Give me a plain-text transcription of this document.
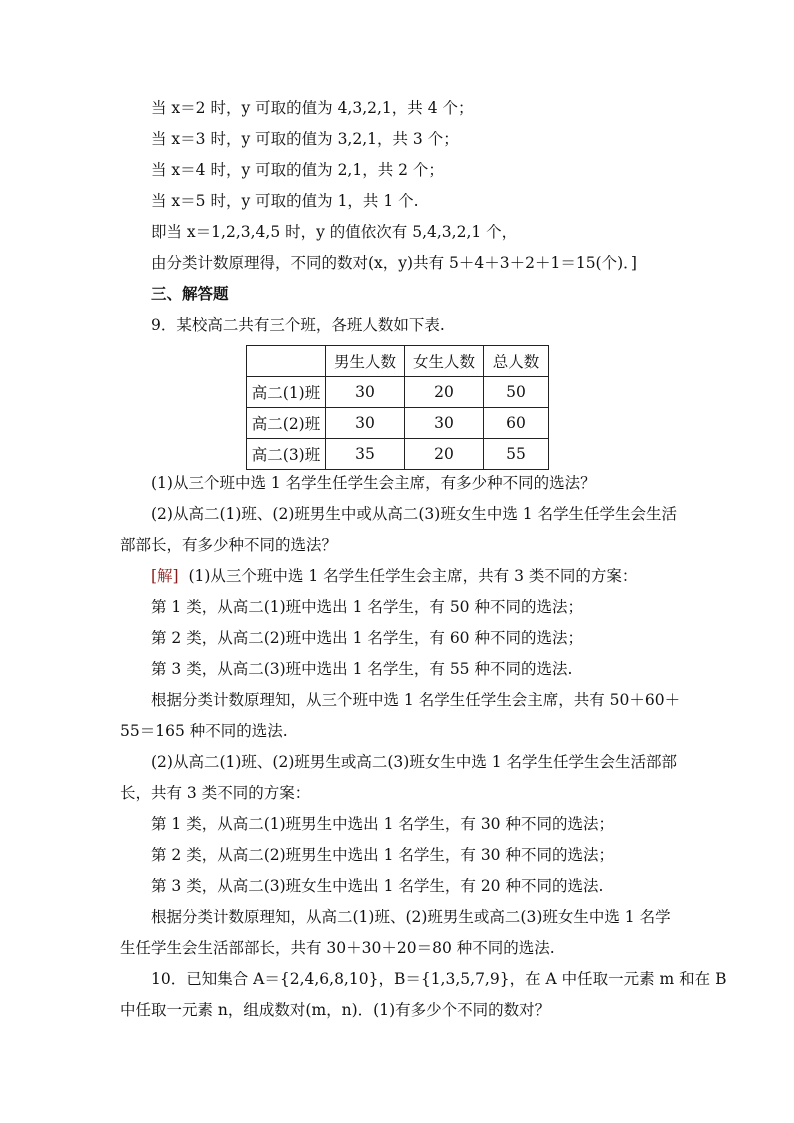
当 x＝2 时，y 可取的值为 4,3,2,1，共 4 个；
当 x＝3 时，y 可取的值为 3,2,1，共 3 个；
当 x＝4 时，y 可取的值为 2,1，共 2 个；
当 x＝5 时，y 可取的值为 1，共 1 个.
即当 x＝1,2,3,4,5 时，y 的值依次有 5,4,3,2,1 个，
由分类计数原理得，不同的数对(x，y)共有 5＋4＋3＋2＋1＝15(个)．]
三、解答题
9．某校高二共有三个班，各班人数如下表.
	男生人数	女生人数	总人数
高二(1)班	30	20	50
高二(2)班	30	30	60
高二(3)班	35	20	55
(1)从三个班中选 1 名学生任学生会主席，有多少种不同的选法？
(2)从高二(1)班、(2)班男生中或从高二(3)班女生中选 1 名学生任学生会生活
部部长，有多少种不同的选法？
[解] (1)从三个班中选 1 名学生任学生会主席，共有 3 类不同的方案：
第 1 类，从高二(1)班中选出 1 名学生，有 50 种不同的选法；
第 2 类，从高二(2)班中选出 1 名学生，有 60 种不同的选法；
第 3 类，从高二(3)班中选出 1 名学生，有 55 种不同的选法.
根据分类计数原理知，从三个班中选 1 名学生任学生会主席，共有 50＋60＋
55＝165 种不同的选法.
(2)从高二(1)班、(2)班男生或高二(3)班女生中选 1 名学生任学生会生活部部
长，共有 3 类不同的方案：
第 1 类，从高二(1)班男生中选出 1 名学生，有 30 种不同的选法；
第 2 类，从高二(2)班男生中选出 1 名学生，有 30 种不同的选法；
第 3 类，从高二(3)班女生中选出 1 名学生，有 20 种不同的选法.
根据分类计数原理知，从高二(1)班、(2)班男生或高二(3)班女生中选 1 名学
生任学生会生活部部长，共有 30＋30＋20＝80 种不同的选法.
10．已知集合 A＝{2,4,6,8,10}，B＝{1,3,5,7,9}，在 A 中任取一元素 m 和在 B
中任取一元素 n，组成数对(m，n)．(1)有多少个不同的数对？
